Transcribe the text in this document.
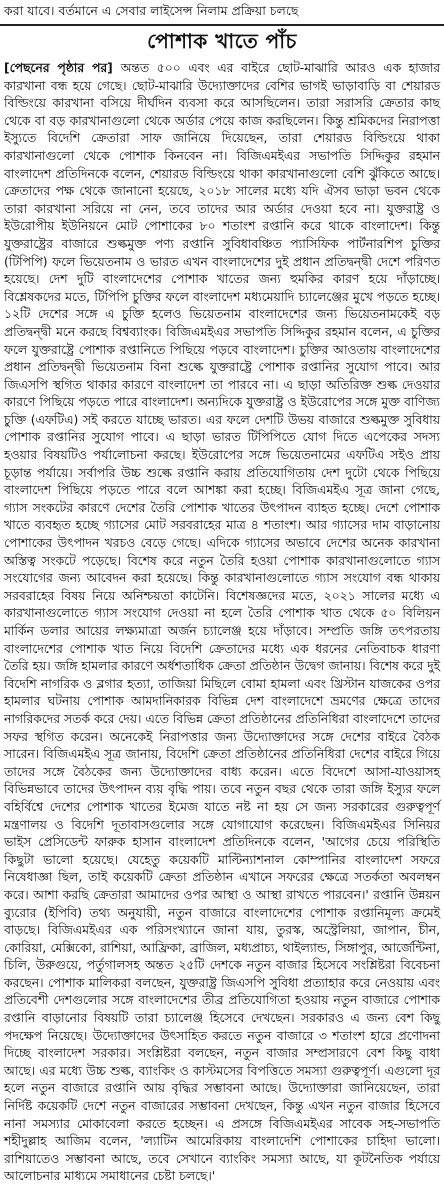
করা যাবে। বর্তমানে এ সেবার লাইসেন্স নিলাম প্রক্রিয়া চলছে
পোশাক খাতে পাঁচ
[পেছনের পৃষ্ঠার পর] অন্তত ৫০০ এবং এর বাইরে ছোট-মাঝারি আরও এক হাজার কারখানা বন্ধ হয়ে গেছে। ছোট-মাঝারি উদ্যোক্তাদের বেশির ভাগই ভাড়াবাড়ি বা শেয়ারড বিল্ডিংয়ে কারখানা বসিয়ে দীর্ঘদিন ব্যবসা করে আসছিলেন। তারা সরাসরি ক্রেতার কাছ থেকে বা বড় কারখানাগুলো থেকে অর্ডার পেয়ে কাজ করছিলেন। কিন্তু শ্রমিকদের নিরাপত্তা ইস্যুতে বিদেশি ক্রেতারা সাফ জানিয়ে দিয়েছেন, তারা শেয়ারড বিল্ডিংয়ে থাকা কারখানাগুলো থেকে পোশাক কিনবেন না। বিজিএমইএর সভাপতি সিদ্দিকুর রহমান বাংলাদেশ প্রতিদিনকে বলেন, শেয়ারড বিল্ডিংয়ে থাকা কারখানাগুলো বেশি ঝুঁকিতে আছে। ক্রেতাদের পক্ষ থেকে জানানো হয়েছে, ২০১৮ সালের মধ্যে যদি ঐসব ভাড়া ভবন থেকে তারা কারখানা সরিয়ে না নেন, তবে তাদের আর অর্ডার দেওয়া হবে না। যুক্তরাষ্ট্র ও ইউরোপীয় ইউনিয়নে মোট পোশাকের ৮০ শতাংশ রপ্তানি করে থাকে বাংলাদেশ। কিন্তু যুক্তরাষ্ট্রের বাজারে শুল্কমুক্ত পণ্য রপ্তানি সুবিধাবঞ্চিত প্যাসিফিক পার্টনারশিপ চুক্তির (টিপিপি) ফলে ভিয়েতনাম ও ভারত এখন বাংলাদেশের দুই প্রধান প্রতিদ্বন্দ্বী দেশে পরিণত হয়েছে। দেশ দুটি বাংলাদেশের পোশাক খাতের জন্য হুমকির কারণ হয়ে দাঁড়াচ্ছে। বিশ্লেষকদের মতে, টিপিপি চুক্তির ফলে বাংলাদেশ মধ্যমেয়াদি চ্যালেঞ্জের মুখে পড়তে হচ্ছে। ১২টি দেশের সঙ্গে এ চুক্তি হলেও ভিয়েতনাম বাংলাদেশের জন্য ভিয়েতনামকেই বড় প্রতিদ্বন্দ্বী মনে করছে বিশ্বব্যাংক। বিজিএমইএর সভাপতি সিদ্দিকুর রহমান বলেন, এ চুক্তির ফলে যুক্তরাষ্ট্রে পোশাক রপ্তানিতে পিছিয়ে পড়বে বাংলাদেশ। চুক্তির আওতায় বাংলাদেশের প্রধান প্রতিদ্বন্দ্বী ভিয়েতনাম বিনা শুল্কে যুক্তরাষ্ট্রে পোশাক রপ্তানির সুযোগ পাবে। আর জিএসপি স্থগিত থাকার কারণে বাংলাদেশ তা পারবে না। এ ছাড়া অতিরিক্ত শুল্ক দেওয়ার কারণে পিছিয়ে পড়তে পারে বাংলাদেশ। অন্যদিকে যুক্তরাষ্ট্র ও ইউরোপের সঙ্গে মুক্ত বাণিজ্য চুক্তি (এফটিএ) সই করতে যাচ্ছে ভারত। এর ফলে দেশটি উভয় বাজারে শুল্কমুক্ত সুবিধায় পোশাক রপ্তানির সুযোগ পাবে। এ ছাড়া ভারত টিপিপিতে যোগ দিতে এপেকের সদস্য হওয়ার বিষয়টিও পর্যালোচনা করছে। ইউরোপের সঙ্গে ভিয়েতনামের এফটিএ সইও প্রায় চূড়ান্ত পর্যায়ে। সর্বাপরি উচ্চ শুল্কে রপ্তানি করায় প্রতিযোগিতায় দেশ দুটো থেকে পিছিয়ে বাংলাদেশ পিছিয়ে পড়তে পারে বলে আশঙ্কা করা হচ্ছে। বিজিএমইএ সূত্র জানা গেছে, গ্যাস সংকটের কারণে দেশের তৈরি পোশাক খাতের উৎপাদন ব্যাহত হচ্ছে। দেশে পোশাক খাতে ব্যবহৃত হচ্ছে গ্যাসের মোট সরবরাহের মাত্র ৪ শতাংশ। আর গ্যাসের দাম বাড়ানোয় পোশাকের উৎপাদন খরচও বেড়ে গেছে। এদিকে গ্যাসের অভাবে দেশের অনেক কারখানা অস্তিত্ব সংকটে পড়েছে। বিশেষ করে নতুন তৈরি হওয়া পোশাক কারখানাগুলোতে গ্যাস সংযোগের জন্য আবেদন করা হয়েছে। কিন্তু কারখানাগুলোতে গ্যাস সংযোগ বন্ধ থাকায় সরবরাহের বিষয় নিয়ে অনিশ্চয়তা কাটেনি। বিশেষজ্ঞদের মতে, ২০২১ সালের মধ্যে এ কারখানাগুলোতে গ্যাস সংযোগ দেওয়া না হলে তৈরি পোশাক খাত থেকে ৫০ বিলিয়ন মার্কিন ডলার আয়ের লক্ষ্যমাত্রা অর্জন চ্যালেঞ্জ হয়ে দাঁড়াবে। সম্প্রতি জঙ্গি তৎপরতায় বাংলাদেশের পোশাক খাত নিয়ে বিদেশি ক্রেতাদের মধ্যে এক ধরনের নেতিবাচক ধারণা তৈরি হয়। জঙ্গি হামলার কারণে অর্ধশতাধিক ক্রেতা প্রতিষ্ঠান উদ্বেগ জানায়। বিশেষ করে দুই বিদেশি নাগরিক ও ব্লগার হত্যা, তাজিয়া মিছিলে বোমা হামলা এবং খ্রিস্টান যাজকের ওপর হামলার ঘটনায় পোশাক আমদানিকারক বিভিন্ন দেশ বাংলাদেশে ভ্রমণের ক্ষেত্রে তাদের নাগরিকদের সতর্ক করে দেয়। এতে বিভিন্ন ক্রেতা প্রতিষ্ঠানের প্রতিনিধিরা বাংলাদেশে তাদের সফর স্থগিত করেন। অনেকেই নিরাপত্তার জন্য উদ্যোক্তাদের সঙ্গে দেশের বাইরে বৈঠক সারেন। বিজিএমইএ সূত্র জানায়, বিদেশি ক্রেতা প্রতিষ্ঠানের প্রতিনিধিরা দেশের বাইরে গিয়ে তাদের সঙ্গে বৈঠকের জন্য উদ্যোক্তাদের বাধ্য করেন। এতে বিদেশে আসা-যাওয়াসহ বিভিন্নভাবে তাদের উৎপাদন ব্যয় বৃদ্ধি পায়। তবে নতুন বছর থেকে তারা জঙ্গি ইস্যুর ফলে বহির্বিশ্বে দেশের পোশাক খাতের ইমেজ যাতে নষ্ট না হয় সে জন্য সরকারের গুরুত্বপূর্ণ মন্ত্রণালয় ও বিদেশি দূতাবাসগুলোর সঙ্গে যোগাযোগ করেছেন। বিজিএমইএর সিনিয়র ভাইস প্রেসিডেন্ট ফারুক হাসান বাংলাদেশ প্রতিদিনকে বলেন, 'আগের চেয়ে পরিস্থিতি কিছুটা ভালো হয়েছে। যেহেতু কয়েকটি মাল্টিন্যাশনাল কোম্পানির বাংলাদেশ সফরে নিষেধাজ্ঞা ছিল, তাই কয়েকটি ক্রেতা প্রতিষ্ঠান এখানে সফরের ক্ষেত্রে সতর্কতা অবলম্বন করে। আশা করছি ক্রেতারা আমাদের ওপর আস্থা ও আস্থা রাখতে পারবেন।' রপ্তানি উন্নয়ন ব্যুরোর (ইপিবি) তথ্য অনুযায়ী, নতুন বাজারে বাংলাদেশের পোশাক রপ্তানিমূল্য ক্রমেই বাড়ছে। বিজিএমইএর এক পরিসংখ্যানে জানা যায়, তুরস্ক, অস্ট্রেলিয়া, জাপান, চীন, কোরিয়া, মেক্সিকো, রাশিয়া, আফ্রিকা, ব্রাজিল, মধ্যপ্রাচ্য, থাইল্যান্ড, সিঙ্গাপুর, আর্জেন্টিনা, চিলি, উরুগুয়ে, পর্তুগালসহ অন্তত ২৫টি দেশকে নতুন বাজার হিসেবে সংশ্লিষ্টরা বিবেচনা করছেন। পোশাক মালিকরা বলছেন, যুক্তরাষ্ট্র জিএসপি সুবিধা প্রত্যাহার করে নেওয়ায় এবং প্রতিবেশী দেশগুলোর সঙ্গে বাংলাদেশের তীব্র প্রতিযোগিতা হওয়ায় নতুন বাজারে পোশাক রপ্তানি বাড়ানোর বিষয়টি তারা চ্যালেঞ্জ হিসেবে দেখছেন। সরকারও এ জন্য বেশ কিছু পদক্ষেপ নিয়েছে। উদ্যোক্তাদের উৎসাহিত করতে নতুন বাজারে ৩ শতাংশ হারে প্রণোদনা দিচ্ছে বাংলাদেশ সরকার। সংশ্লিষ্টরা বলছেন, নতুন বাজার সম্প্রসারণে বেশ কিছু বাধা আছে। এর মধ্যে উচ্চ শুল্ক, ব্যাংকিং ও কাস্টমসের বিপত্তিতে সমস্যা গুরুত্বপূর্ণ। এগুলো দূর হলে নতুন বাজারে রপ্তানি আয় বৃদ্ধির সম্ভাবনা আছে। উদ্যোক্তারা জানিয়েছেন, তারা নির্দিষ্ট কয়েকটি দেশে নতুন বাজারের সম্ভাবনা দেখছেন, কিন্তু এখন নতুন বাজার হিসেবে নানা সমস্যার মোকাবেলা করতে হচ্ছেন। এ প্রসঙ্গে বিজিএমইএর সাবেক সহ-সভাপতি শহীদুল্লাহ আজিম বলেন, 'ল্যাটিন আমেরিকায় বাংলাদেশি পোশাকের চাহিদা ভালো। রাশিয়াতেও সম্ভাবনা আছে, তবে সেখানে ব্যাংকিং সমস্যা আছে, যা কূটনৈতিক পর্যায়ে আলোচনার মাধ্যমে সমাধানের চেষ্টা চলছে।'
